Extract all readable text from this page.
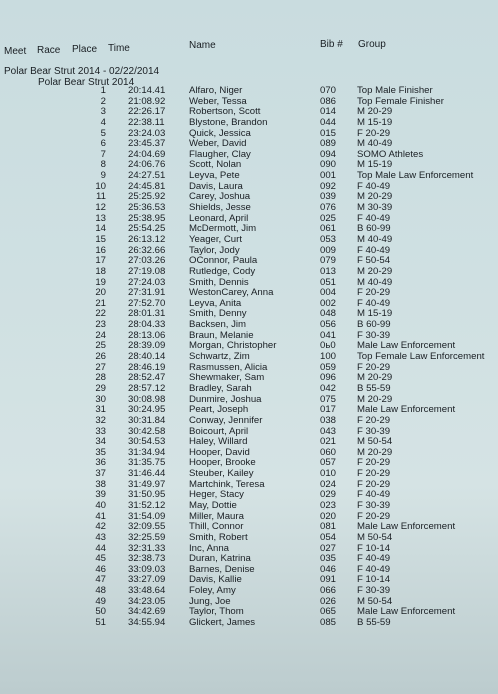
Meet Race Place Time	Name	Bib # Group
Polar Bear Strut 2014 - 02/22/2014
Polar Bear Strut 2014
1 20:14.41 Alfaro, Niger	070 Top Male Finisher
2 21:08.92 Weber, Tessa	086 Top Female Finisher
3 22:26.17 Robertson, Scott	014 M 20-29
4 22:38.11	Blystone, Brandon	044 M 15-19
5 23:24.03 Quick, Jessica	015 F 20-29
6 23:45.37 Weber, David	089 M 40-49
7 24:04.69 Flaugher, Clay	094 SOMO Athletes
8 24:06.76 Scott, Nolan	090 M 15-19
9 24:27.51 Leyva, Pete	001 Top Male Law Enforcement
10 24:45.81 Davis, Laura	092 F 40-49
11 25:25.92 Carey, Joshua	039 M 20-29
12 25:36.53 Shields, Jesse	076 M 30-39
13 25:38.95 Leonard, April	025 F 40-49
14 25:54.25 McDermott, Jim	061 B 60-99
15 26:13.12 Yeager, Curt	053 M 40-49
16 26:32.66 Taylor, Jody	009 F 40-49
17 27:03.26 OConnor, Paula	079 F 50-54
18 27:19.08 Rutledge, Cody	013 M 20-29
19 27:24.03 Smith, Dennis	051 M 40-49
20 27:31.91 WestonCarey, Anna	004 F 20-29
21 27:52.70 Leyva, Anita	002 F 40-49
22 28:01.31 Smith, Denny	048 M 15-19
23 28:04.33 Backsen, Jim	056 B 60-99
24 28:13.06 Braun, Melanie	041 F 30-39
25 28:39.09 Morgan, Christopher	0ь0 Male Law Enforcement
26 28:40.14 Schwartz, Zim	100 Top Female Law Enforcement
27 28:46.19 Rasmussen, Alicia	059 F 20-29
28 28:52.47 Shewmaker, Sam	096 M 20-29
29 28:57.12 Bradley, Sarah	042 B 55-59
30 30:08.98 Dunmire, Joshua	075 M 20-29
31 30:24.95 Peart, Joseph	017 Male Law Enforcement
32 30:31.84 Conway, Jennifer	038 F 20-29
33 30:42.58 Boicourt, April	043 F 30-39
34 30:54.53 Haley, Willard	021 M 50-54
35 31:34.94 Hooper, David	060 M 20-29
36 31:35.75 Hooper, Brooke	057 F 20-29
37 31:46.44 Steuber, Kailey	010 F 20-29
38 31:49.97 Martchink, Teresa	024 F 20-29
39 31:50.95 Heger, Stacy	029 F 40-49
40 31:52.12 May, Dottie	023 F 30-39
41 31:54.09 Miller, Maura	020 F 20-29
42 32:09.55 Thill, Connor	081 Male Law Enforcement
43 32:25.59 Smith, Robert	054 M 50-54
44 32:31.33 Inc, Anna	027 F 10-14
45 32:38.73 Duran, Katrina	035 F 40-49
46 33:09.03 Barnes, Denise	046 F 40-49
47 33:27.09 Davis, Kallie	091 F 10-14
48 33:48.64 Foley, Amy	066 F 30-39
49 34:23.05 Jung, Joe	026 M 50-54
50 34:42.69 Taylor, Thom	065 Male Law Enforcement
51 34:55.94 Glickert, James	085 B 55-59
